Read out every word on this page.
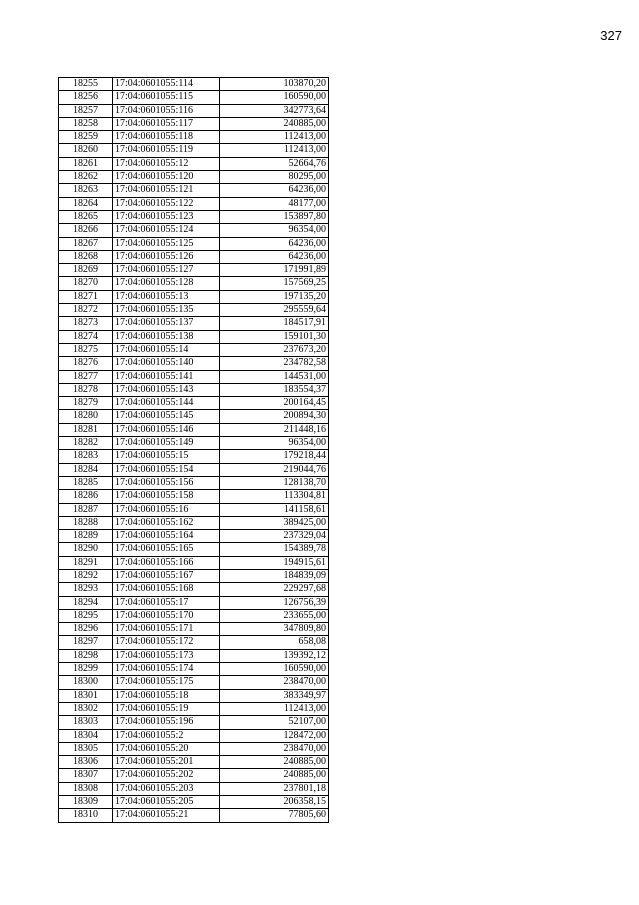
327
18255	17:04:0601055:114	103870,20
18256	17:04:0601055:115	160590,00
18257	17:04:0601055:116	342773,64
18258	17:04:0601055:117	240885,00
18259	17:04:0601055:118	112413,00
18260	17:04:0601055:119	112413,00
18261	17:04:0601055:12	52664,76
18262	17:04:0601055:120	80295,00
18263	17:04:0601055:121	64236,00
18264	17:04:0601055:122	48177,00
18265	17:04:0601055:123	153897,80
18266	17:04:0601055:124	96354,00
18267	17:04:0601055:125	64236,00
18268	17:04:0601055:126	64236,00
18269	17:04:0601055:127	171991,89
18270	17:04:0601055:128	157569,25
18271	17:04:0601055:13	197135,20
18272	17:04:0601055:135	295559,64
18273	17:04:0601055:137	184517,91
18274	17:04:0601055:138	159101,30
18275	17:04:0601055:14	237673,20
18276	17:04:0601055:140	234782,58
18277	17:04:0601055:141	144531,00
18278	17:04:0601055:143	183554,37
18279	17:04:0601055:144	200164,45
18280	17:04:0601055:145	200894,30
18281	17:04:0601055:146	211448,16
18282	17:04:0601055:149	96354,00
18283	17:04:0601055:15	179218,44
18284	17:04:0601055:154	219044,76
18285	17:04:0601055:156	128138,70
18286	17:04:0601055:158	113304,81
18287	17:04:0601055:16	141158,61
18288	17:04:0601055:162	389425,00
18289	17:04:0601055:164	237329,04
18290	17:04:0601055:165	154389,78
18291	17:04:0601055:166	194915,61
18292	17:04:0601055:167	184839,09
18293	17:04:0601055:168	229297,68
18294	17:04:0601055:17	126756,39
18295	17:04:0601055:170	233655,00
18296	17:04:0601055:171	347809,80
18297	17:04:0601055:172	658,08
18298	17:04:0601055:173	139392,12
18299	17:04:0601055:174	160590,00
18300	17:04:0601055:175	238470,00
18301	17:04:0601055:18	383349,97
18302	17:04:0601055:19	112413,00
18303	17:04:0601055:196	52107,00
18304	17:04:0601055:2	128472,00
18305	17:04:0601055:20	238470,00
18306	17:04:0601055:201	240885,00
18307	17:04:0601055:202	240885,00
18308	17:04:0601055:203	237801,18
18309	17:04:0601055:205	206358,15
18310	17:04:0601055:21	77805,60
